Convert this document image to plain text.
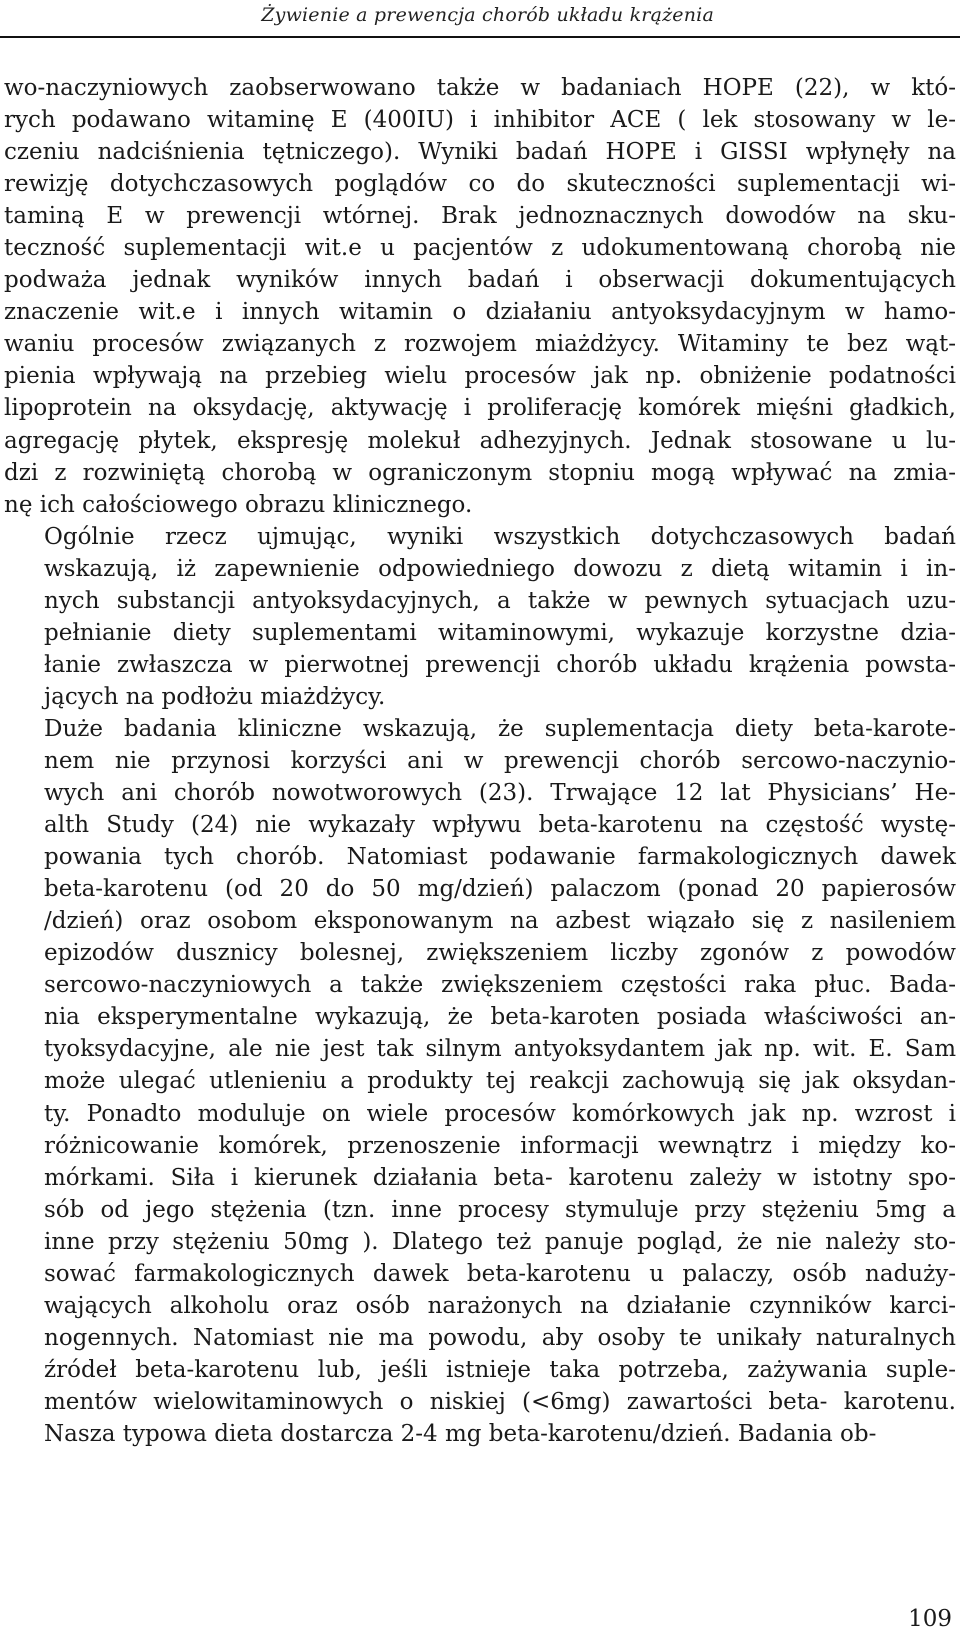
Żywienie a prewencja chorób układu krążenia

wo-naczyniowych zaobserwowano także w badaniach HOPE (22), w któ-
rych podawano witaminę E (400IU) i inhibitor ACE ( lek stosowany w le-
czeniu nadciśnienia tętniczego). Wyniki badań HOPE i GISSI wpłynęły na
rewizję dotychczasowych poglądów co do skuteczności suplementacji wi-
taminą E w prewencji wtórnej. Brak jednoznacznych dowodów na sku-
teczność suplementacji wit.e u pacjentów z udokumentowaną chorobą nie
podważa jednak wyników innych badań i obserwacji dokumentujących
znaczenie wit.e i innych witamin o działaniu antyoksydacyjnym w hamo-
waniu procesów związanych z rozwojem miażdżycy. Witaminy te bez wąt-
pienia wpływają na przebieg wielu procesów jak np. obniżenie podatności
lipoprotein na oksydację, aktywację i proliferację komórek mięśni gładkich,
agregację płytek, ekspresję molekuł adhezyjnych. Jednak stosowane u lu-
dzi z rozwiniętą chorobą w ograniczonym stopniu mogą wpływać na zmia-
nę ich całościowego obrazu klinicznego.

Ogólnie rzecz ujmując, wyniki wszystkich dotychczasowych badań
wskazują, iż zapewnienie odpowiedniego dowozu z dietą witamin i in-
nych substancji antyoksydacyjnych, a także w pewnych sytuacjach uzu-
pełnianie diety suplementami witaminowymi, wykazuje korzystne dzia-
łanie zwłaszcza w pierwotnej prewencji chorób układu krążenia powsta-
jących na podłożu miażdżycy.

Duże badania kliniczne wskazują, że suplementacja diety beta-karote-
nem nie przynosi korzyści ani w prewencji chorób sercowo-naczynio-
wych ani chorób nowotworowych (23). Trwające 12 lat Physicians’ He-
alth Study (24) nie wykazały wpływu beta-karotenu na częstość wystę-
powania tych chorób. Natomiast podawanie farmakologicznych dawek
beta-karotenu (od 20 do 50 mg/dzień) palaczom (ponad 20 papierosów
/dzień) oraz osobom eksponowanym na azbest wiązało się z nasileniem
epizodów dusznicy bolesnej, zwiększeniem liczby zgonów z powodów
sercowo-naczyniowych a także zwiększeniem częstości raka płuc. Bada-
nia eksperymentalne wykazują, że beta-karoten posiada właściwości an-
tyoksydacyjne, ale nie jest tak silnym antyoksydantem jak np. wit. E. Sam
może ulegać utlenieniu a produkty tej reakcji zachowują się jak oksydan-
ty. Ponadto moduluje on wiele procesów komórkowych jak np. wzrost i
różnicowanie komórek, przenoszenie informacji wewnątrz i między ko-
mórkami. Siła i kierunek działania beta- karotenu zależy w istotny spo-
sób od jego stężenia (tzn. inne procesy stymuluje przy stężeniu 5mg a
inne przy stężeniu 50mg ). Dlatego też panuje pogląd, że nie należy sto-
sować farmakologicznych dawek beta-karotenu u palaczy, osób naduży-
wających alkoholu oraz osób narażonych na działanie czynników karci-
nogennych. Natomiast nie ma powodu, aby osoby te unikały naturalnych
źródeł beta-karotenu lub, jeśli istnieje taka potrzeba, zażywania suple-
mentów wielowitaminowych o niskiej (<6mg) zawartości beta- karotenu.
Nasza typowa dieta dostarcza 2-4 mg beta-karotenu/dzień. Badania ob-

109
